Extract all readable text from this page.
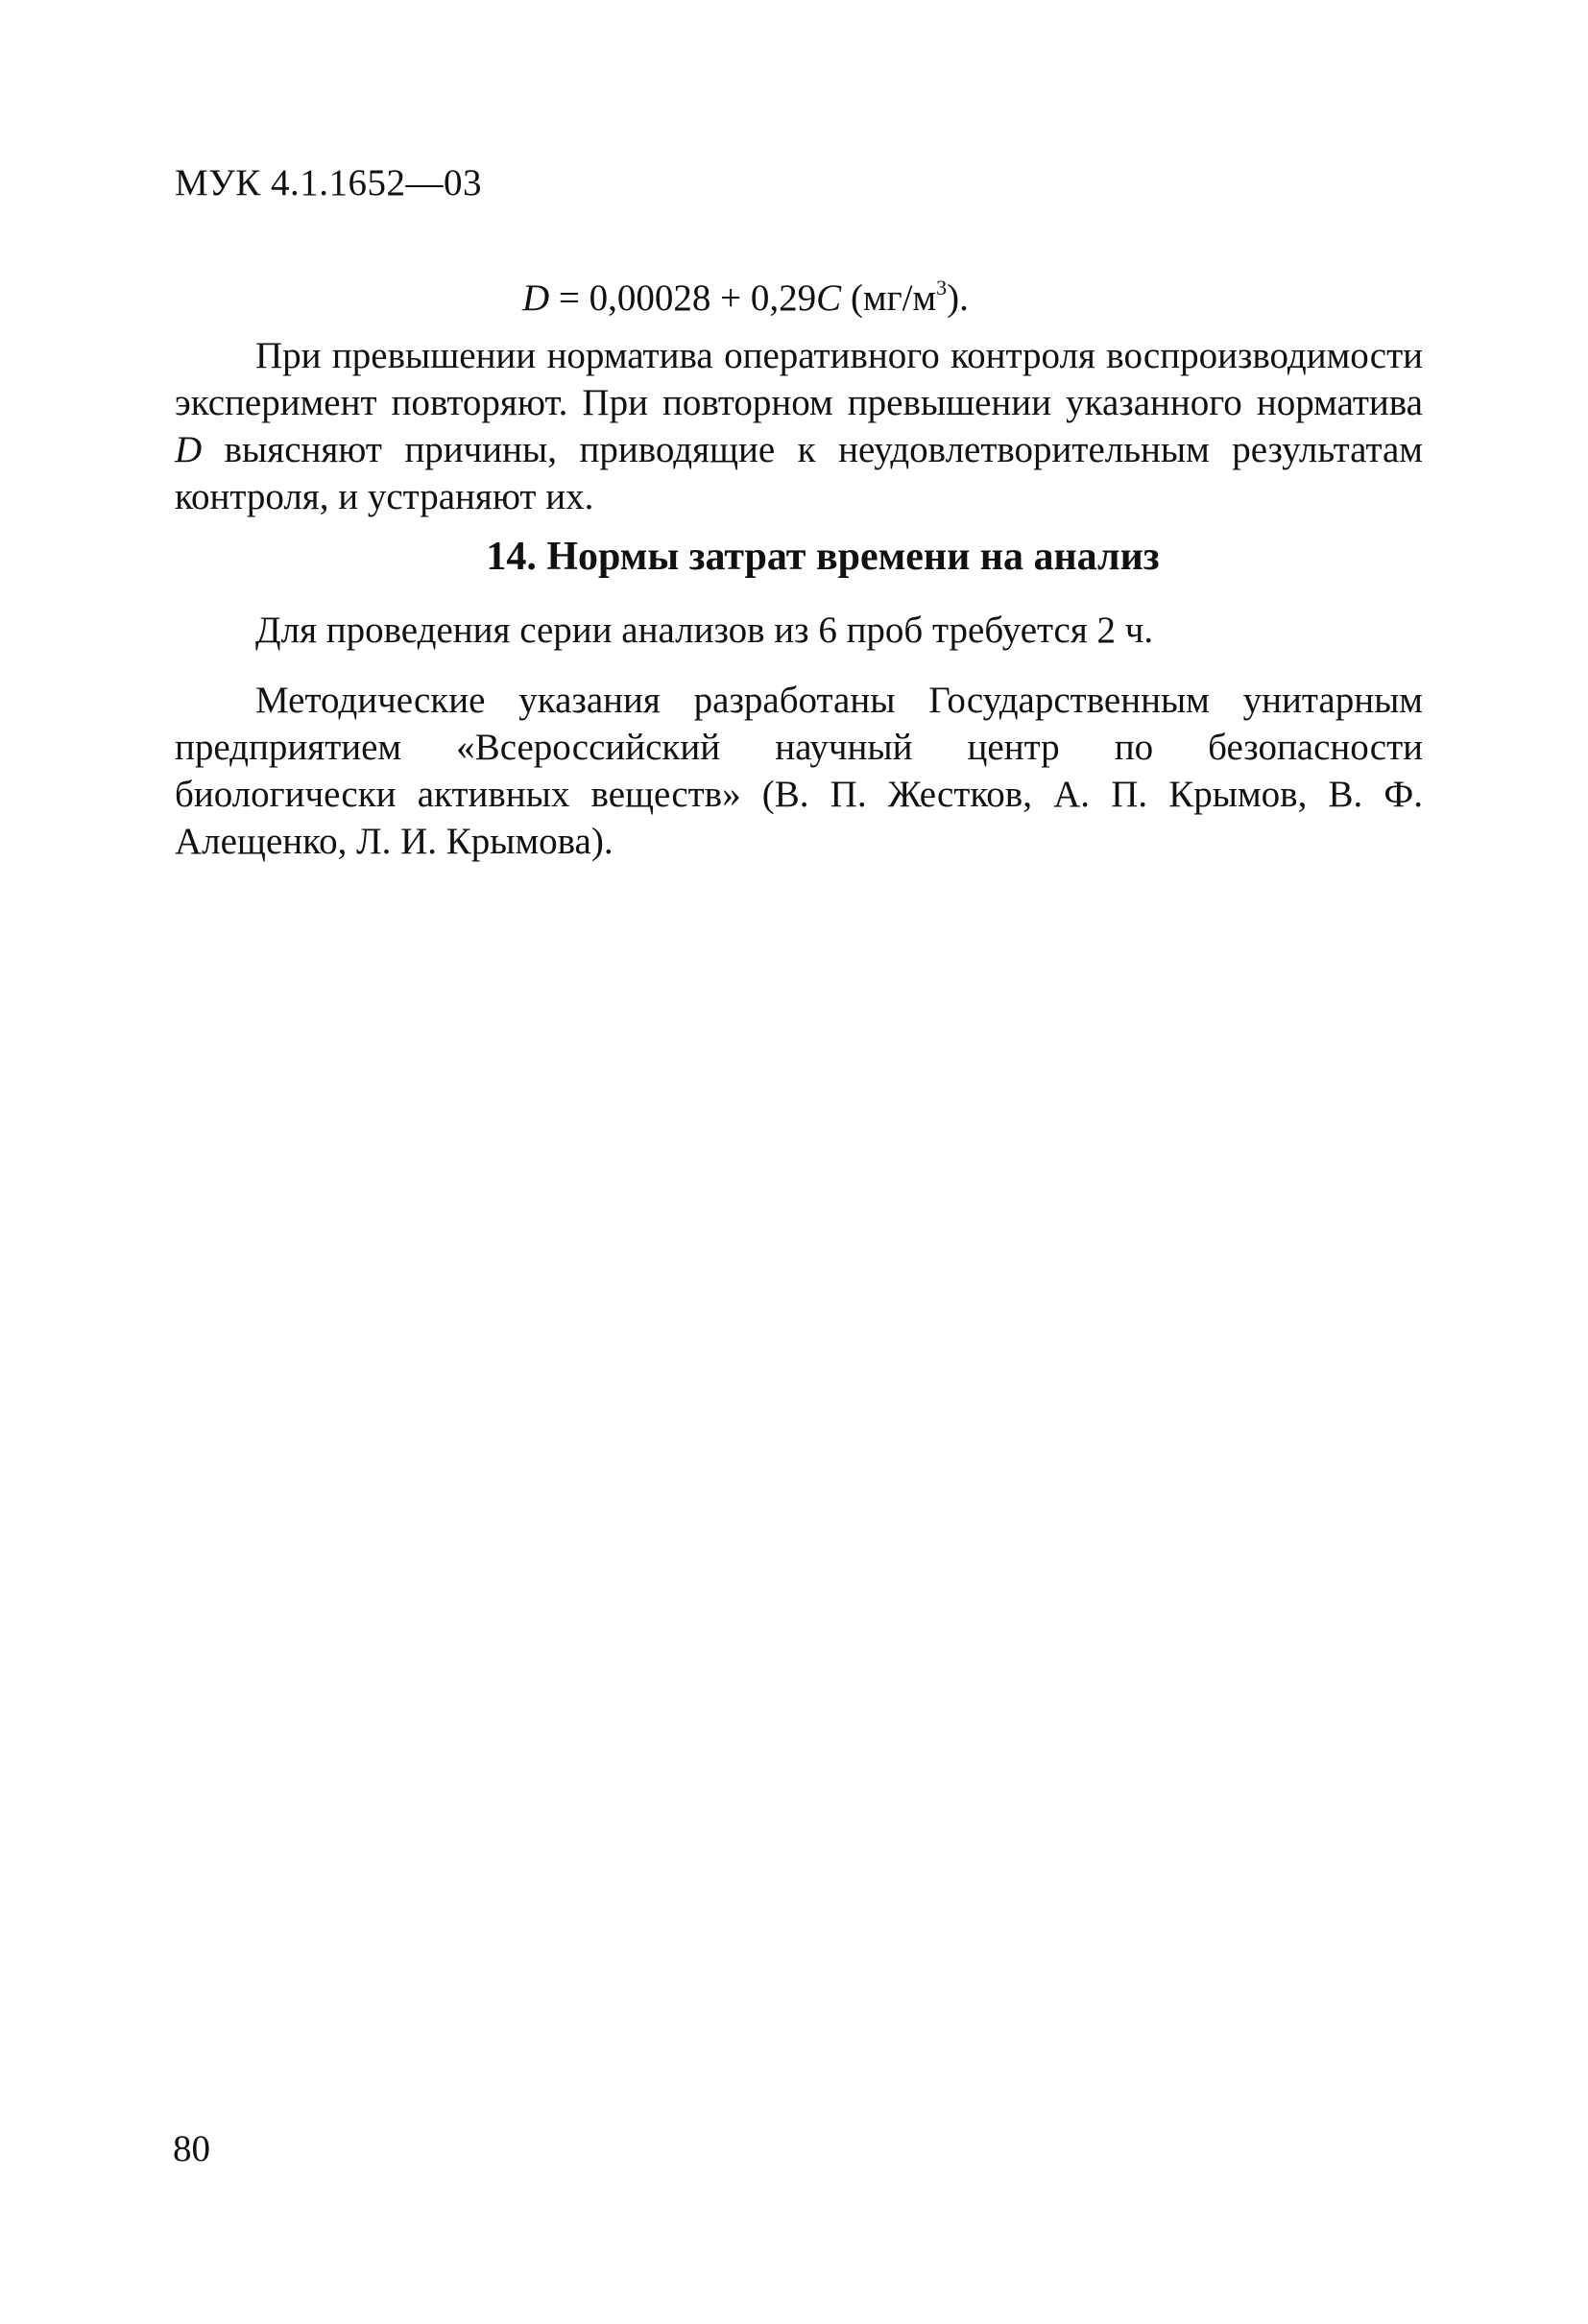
МУК 4.1.1652—03
D = 0,00028 + 0,29C $(мг/м^3)$.

При превышении норматива оперативного контроля воспроизводимости эксперимент повторяют. При повторном превышении указанного норматива D выясняют причины, приводящие к неудовлетворительным результатам контроля, и устраняют их.

14. Нормы затрат времени на анализ

Для проведения серии анализов из 6 проб требуется 2 ч.

Методические указания разработаны Государственным унитарным предприятием «Всероссийский научный центр по безопасности биологически активных веществ» (В. П. Жестков, А. П. Крымов, В. Ф. Алещенко, Л. И. Крымова).

80
